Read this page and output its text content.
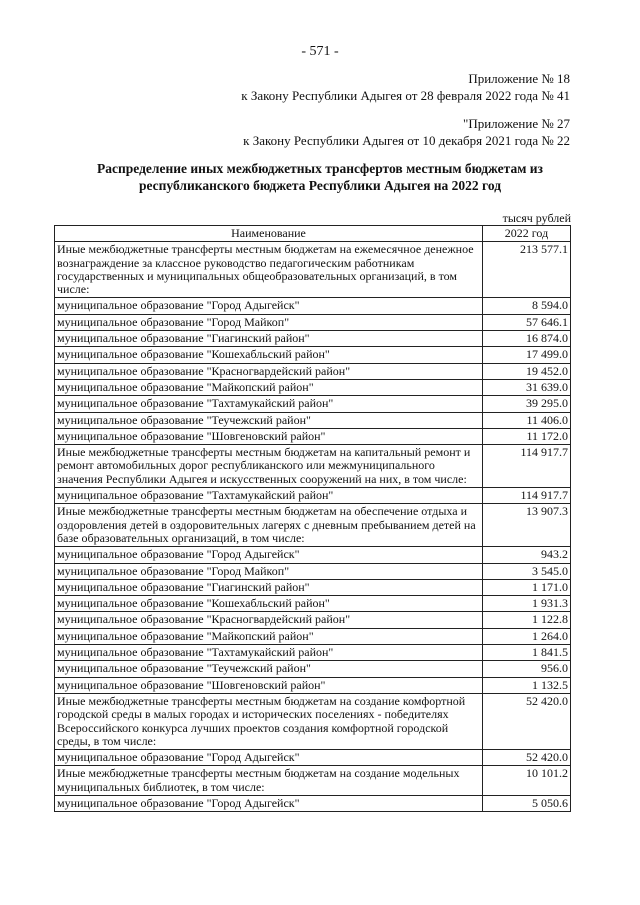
- 571 -
Приложение № 18
к Закону Республики Адыгея от 28 февраля 2022 года № 41
"Приложение № 27
к Закону Республики Адыгея от 10 декабря 2021 года № 22
Распределение иных межбюджетных трансфертов местным бюджетам из
республиканского бюджета Республики Адыгея на 2022 год
тысяч рублей
Наименование	2022 год
Иные межбюджетные трансферты местным бюджетам на ежемесячное денежное вознаграждение за классное руководство педагогическим работникам государственных и муниципальных общеобразовательных организаций, в том числе:	213 577.1
муниципальное образование "Город Адыгейск"	8 594.0
муниципальное образование "Город Майкоп"	57 646.1
муниципальное образование "Гиагинский район"	16 874.0
муниципальное образование "Кошехабльский район"	17 499.0
муниципальное образование "Красногвардейский район"	19 452.0
муниципальное образование "Майкопский район"	31 639.0
муниципальное образование "Тахтамукайский район"	39 295.0
муниципальное образование "Теучежский район"	11 406.0
муниципальное образование "Шовгеновский район"	11 172.0
Иные межбюджетные трансферты местным бюджетам на капитальный ремонт и ремонт автомобильных дорог республиканского или межмуниципального значения Республики Адыгея и искусственных сооружений на них, в том числе:	114 917.7
муниципальное образование "Тахтамукайский район"	114 917.7
Иные межбюджетные трансферты местным бюджетам на обеспечение отдыха и оздоровления детей в оздоровительных лагерях с дневным пребыванием детей на базе образовательных организаций, в том числе:	13 907.3
муниципальное образование "Город Адыгейск"	943.2
муниципальное образование "Город Майкоп"	3 545.0
муниципальное образование "Гиагинский район"	1 171.0
муниципальное образование "Кошехабльский район"	1 931.3
муниципальное образование "Красногвардейский район"	1 122.8
муниципальное образование "Майкопский район"	1 264.0
муниципальное образование "Тахтамукайский район"	1 841.5
муниципальное образование "Теучежский район"	956.0
муниципальное образование "Шовгеновский район"	1 132.5
Иные межбюджетные трансферты местным бюджетам на создание комфортной городской среды в малых городах и исторических поселениях - победителях Всероссийского конкурса лучших проектов создания комфортной городской среды, в том числе:	52 420.0
муниципальное образование "Город Адыгейск"	52 420.0
Иные межбюджетные трансферты местным бюджетам на создание модельных муниципальных библиотек, в том числе:	10 101.2
муниципальное образование "Город Адыгейск"	5 050.6
